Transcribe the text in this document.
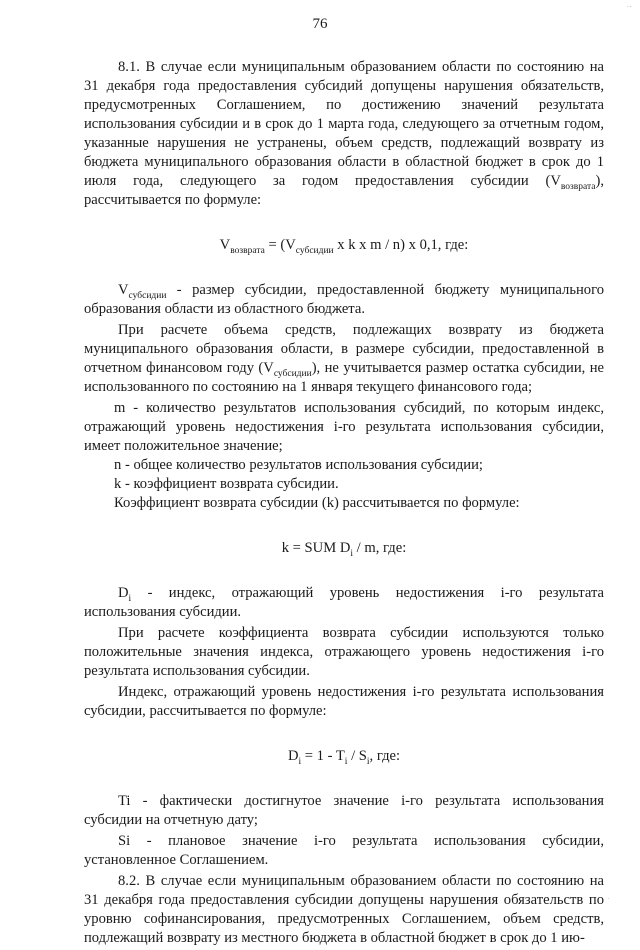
․․
76

8.1. В случае если муниципальным образованием области по состоянию на 31 декабря года предоставления субсидий допущены нарушения обязательств, предусмотренных Соглашением, по достижению значений результата использования субсидии и в срок до 1 марта года, следующего за отчетным годом, указанные нарушения не устранены, объем средств, подлежащий возврату из бюджета муниципального образования области в областной бюджет в срок до 1 июля года, следующего за годом предоставления субсидии $(V_{возврата})$, рассчитывается по формуле:

$V_{возврата} = (V_{субсидии}$ x k x m / n) x 0,1, где:

$V_{субсидии}$ - размер субсидии, предоставленной бюджету муниципального образования области из областного бюджета.

При расчете объема средств, подлежащих возврату из бюджета муниципального образования области, в размере субсидии, предоставленной в отчетном финансовом году $(V_{субсидии})$, не учитывается размер остатка субсидии, не использованного по состоянию на 1 января текущего финансового года;

m - количество результатов использования субсидий, по которым индекс, отражающий уровень недостижения i-го результата использования субсидии, имеет положительное значение;

n - общее количество результатов использования субсидии;

k - коэффициент возврата субсидии.

Коэффициент возврата субсидии (k) рассчитывается по формуле:

k = SUM $D_i$ / m, где:

$D_i$ - индекс, отражающий уровень недостижения i-го результата использования субсидии.

При расчете коэффициента возврата субсидии используются только положительные значения индекса, отражающего уровень недостижения i-го результата использования субсидии.

Индекс, отражающий уровень недостижения i-го результата использования субсидии, рассчитывается по формуле:

$D_i = 1 - T_i / S_i$, где:

Ti - фактически достигнутое значение i-го результата использования субсидии на отчетную дату;

Si - плановое значение i-го результата использования субсидии, установленное Соглашением.

8.2. В случае если муниципальным образованием области по состоянию на 31 декабря года предоставления субсидии допущены нарушения обязательств по уровню софинансирования, предусмотренных Соглашением, объем средств, подлежащий возврату из местного бюджета в областной бюджет в срок до 1 ию-

․
